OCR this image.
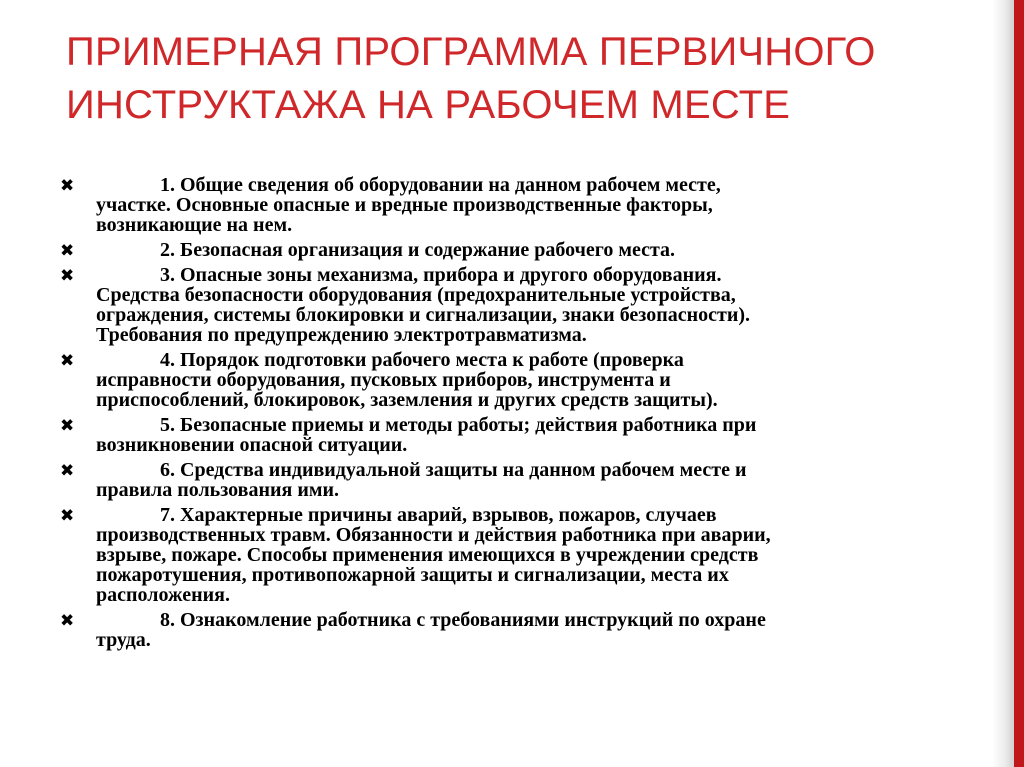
ПРИМЕРНАЯ ПРОГРАММА ПЕРВИЧНОГО
ИНСТРУКТАЖА НА РАБОЧЕМ МЕСТЕ
✖	1. Общие сведения об оборудовании на данном рабочем месте,
участке. Основные опасные и вредные производственные факторы,
возникающие на нем.
✖	2. Безопасная организация и содержание рабочего места.
✖	3. Опасные зоны механизма, прибора и другого оборудования.
Средства безопасности оборудования (предохранительные устройства,
ограждения, системы блокировки и сигнализации, знаки безопасности).
Требования по предупреждению электротравматизма.
✖	4. Порядок подготовки рабочего места к работе (проверка
исправности оборудования, пусковых приборов, инструмента и
приспособлений, блокировок, заземления и других средств защиты).
✖	5. Безопасные приемы и методы работы; действия работника при
возникновении опасной ситуации.
✖	6. Средства индивидуальной защиты на данном рабочем месте и
правила пользования ими.
✖	7. Характерные причины аварий, взрывов, пожаров, случаев
производственных травм. Обязанности и действия работника при аварии,
взрыве, пожаре. Способы применения имеющихся в учреждении средств
пожаротушения, противопожарной защиты и сигнализации, места их
расположения.
✖	8. Ознакомление работника с требованиями инструкций по охране
труда.
